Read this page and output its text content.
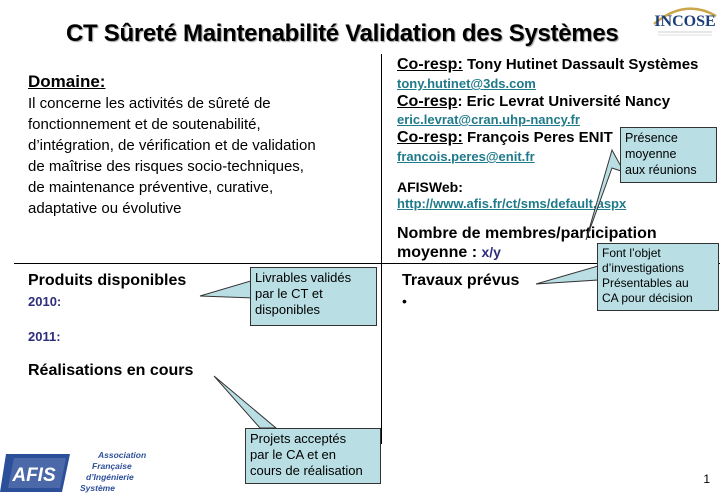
CT Sûreté Maintenabilité Validation des Systèmes INCOSE
Domaine:
Il concerne les activités de sûreté de
fonctionnement et de soutenabilité,
d’intégration, de vérification et de validation
de maîtrise des risques socio-techniques,
de maintenance préventive, curative,
adaptative ou évolutive
Co-resp: Tony Hutinet Dassault Systèmes
tony.hutinet@3ds.com
Co-resp: Eric Levrat Université Nancy
eric.levrat@cran.uhp-nancy.fr
Co-resp: François Peres ENIT
francois.peres@enit.fr
AFISWeb:
http://www.afis.fr/ct/sms/default.aspx
Nombre de membres/participation
moyenne : x/y
Présence
moyenne
aux réunions
Livrables validés
par le CT et
disponibles
Font l’objet
d’investigations
Présentables au
CA pour décision
Projets acceptés
par le CA et en
cours de réalisation
Produits disponibles
2010:
2011:
Réalisations en cours
Travaux prévus
•
AFIS
Association
Française
d’Ingénierie
Système
1
